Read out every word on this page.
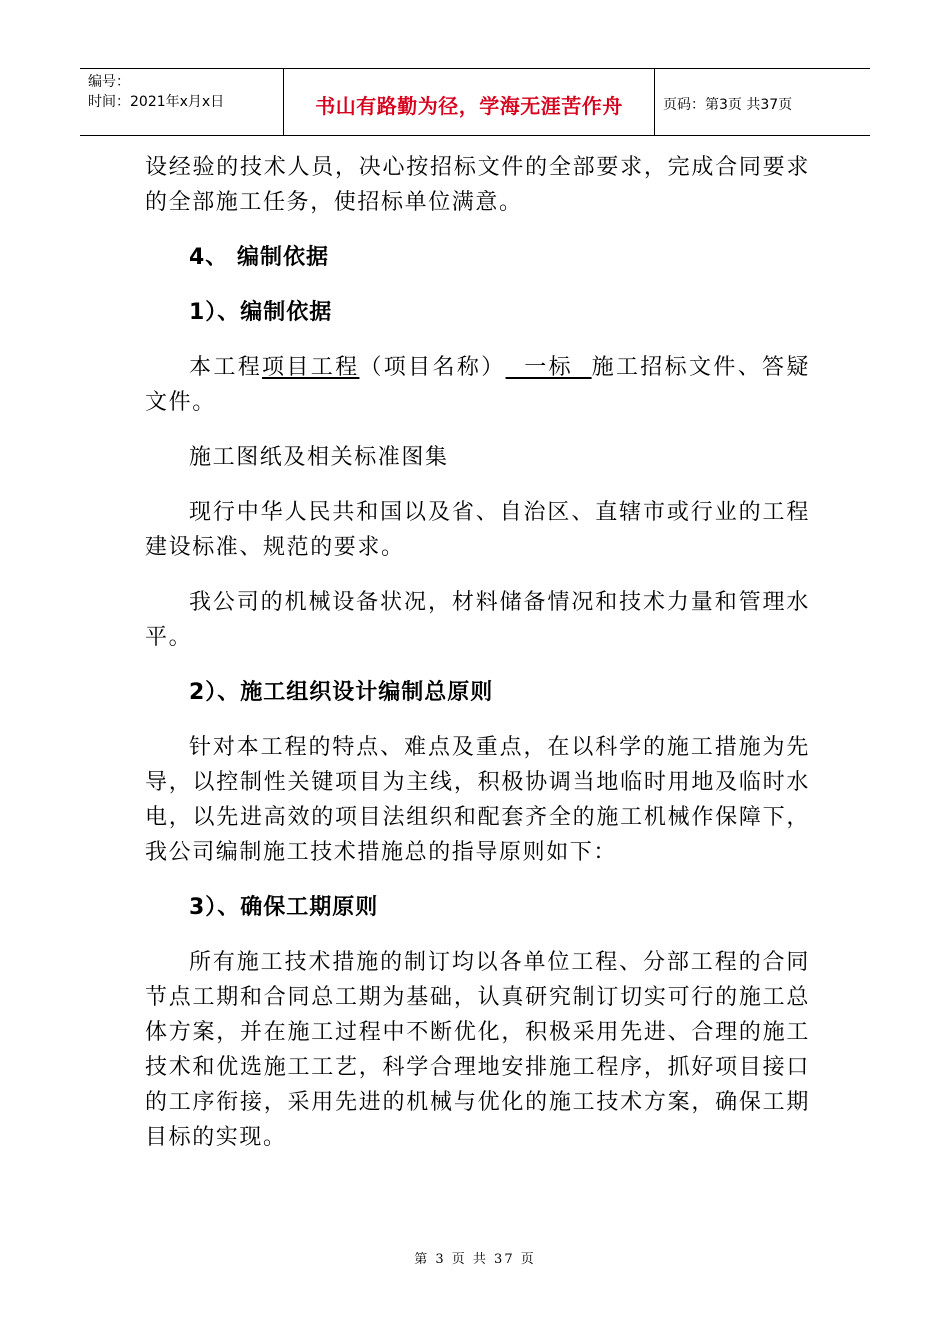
编号：
时间：2021年x月x日	书山有路勤为径，学海无涯苦作舟	页码：第3页 共37页

设经验的技术人员，决心按招标文件的全部要求，完成合同要求的全部施工任务，使招标单位满意。

4、 编制依据

1）、编制依据

本工程项目工程（项目名称）  一标  施工招标文件、答疑文件。

施工图纸及相关标准图集

现行中华人民共和国以及省、自治区、直辖市或行业的工程建设标准、规范的要求。

我公司的机械设备状况，材料储备情况和技术力量和管理水平。

2）、施工组织设计编制总原则

针对本工程的特点、难点及重点，在以科学的施工措施为先导，以控制性关键项目为主线，积极协调当地临时用地及临时水电，以先进高效的项目法组织和配套齐全的施工机械作保障下，我公司编制施工技术措施总的指导原则如下：

3）、确保工期原则

所有施工技术措施的制订均以各单位工程、分部工程的合同节点工期和合同总工期为基础，认真研究制订切实可行的施工总体方案，并在施工过程中不断优化，积极采用先进、合理的施工技术和优选施工工艺，科学合理地安排施工程序，抓好项目接口的工序衔接，采用先进的机械与优化的施工技术方案，确保工期目标的实现。

第 3 页 共 37 页
